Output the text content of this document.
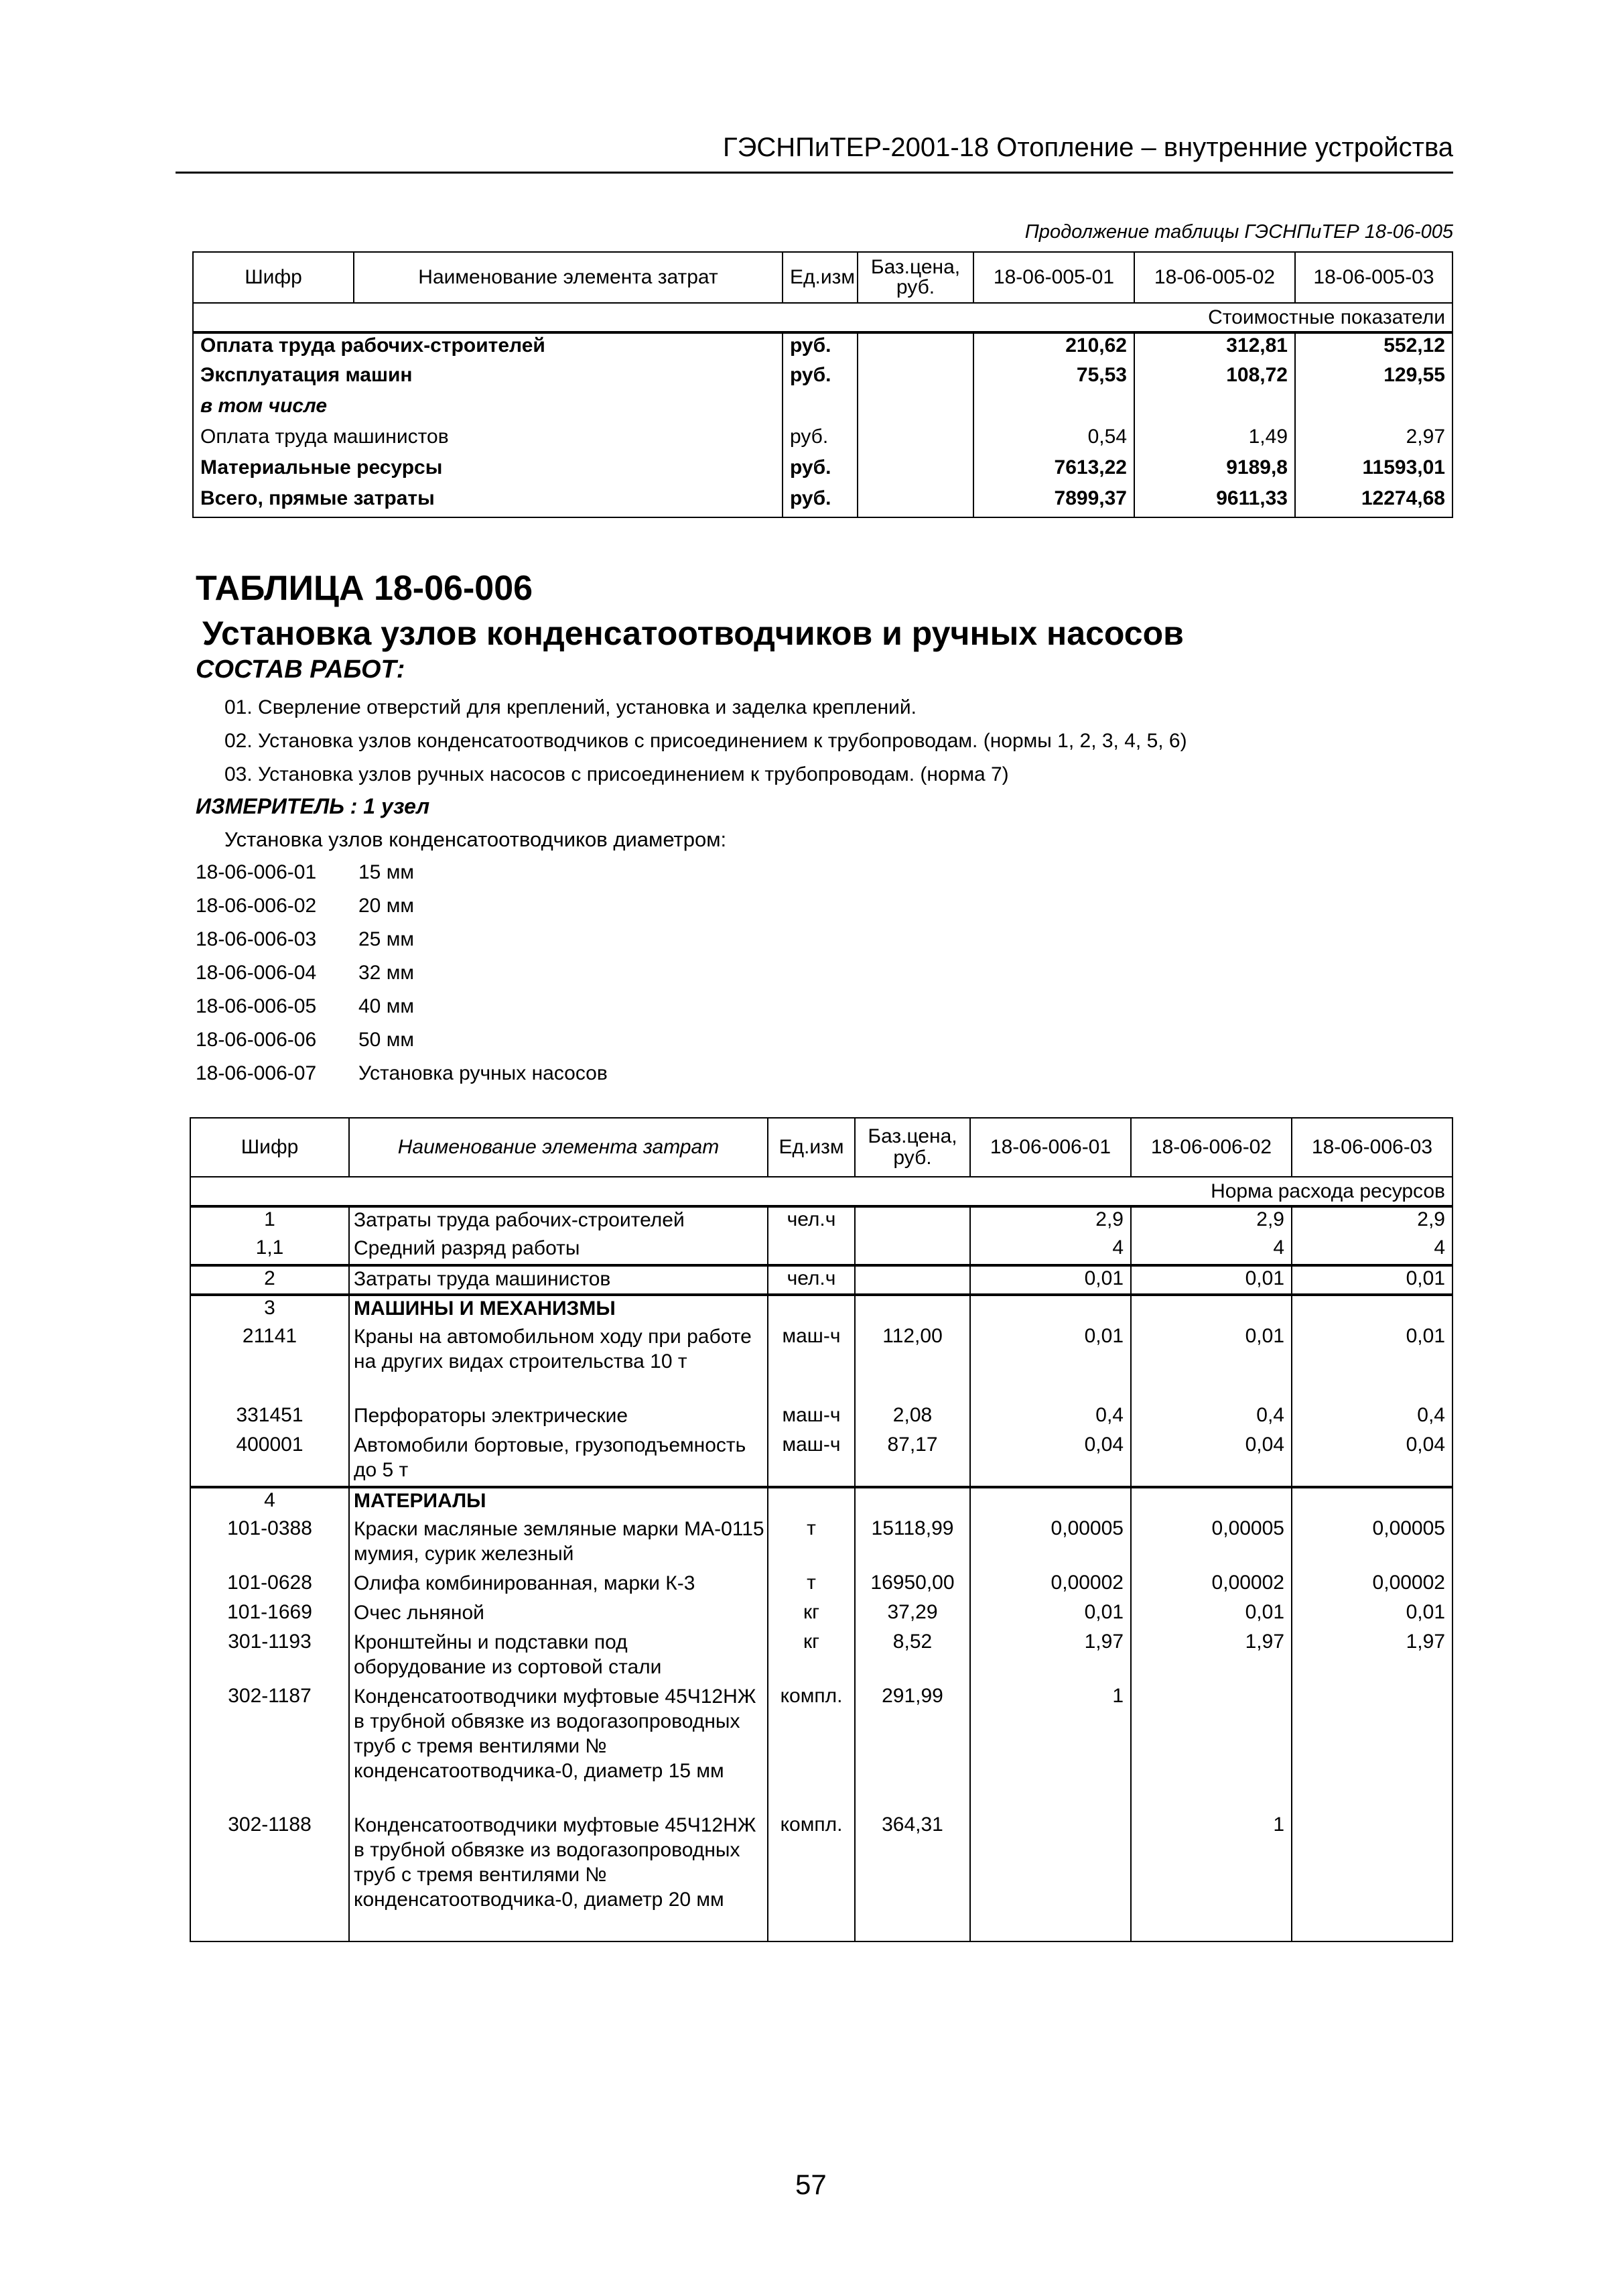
ГЭСНПиТЕР-2001-18 Отопление – внутренние устройства
Продолжение таблицы ГЭСНПиТЕР 18-06-005
Шифр	Наименование элемента затрат	Ед.изм	Баз.цена, руб.	18-06-005-01	18-06-005-02	18-06-005-03
Стоимостные показатели						
Оплата труда рабочих-строителей		руб.		210,62	312,81	552,12
Эксплуатация машин		руб.		75,53	108,72	129,55
в том числе						
Оплата труда машинистов		руб.		0,54	1,49	2,97
Материальные ресурсы		руб.		7613,22	9189,8	11593,01
Всего, прямые затраты		руб.		7899,37	9611,33	12274,68
ТАБЛИЦА 18-06-006
Установка узлов конденсатоотводчиков и ручных насосов
СОСТАВ РАБОТ:
01. Сверление отверстий для креплений, установка и заделка креплений.
02. Установка узлов конденсатоотводчиков с присоединением к трубопроводам. (нормы 1, 2, 3, 4, 5, 6)
03. Установка узлов ручных насосов с присоединением к трубопроводам. (норма 7)
ИЗМЕРИТЕЛЬ : 1 узел
Установка узлов конденсатоотводчиков диаметром:
18-06-006-01 15 мм
18-06-006-02 20 мм
18-06-006-03 25 мм
18-06-006-04 32 мм
18-06-006-05 40 мм
18-06-006-06 50 мм
18-06-006-07 Установка ручных насосов
Шифр	Наименование элемента затрат	Ед.изм	Баз.цена, руб.	18-06-006-01	18-06-006-02	18-06-006-03
Норма расхода ресурсов						
1	Затраты труда рабочих-строителей	чел.ч		2,9	2,9	2,9
1,1	Средний разряд работы			4	4	4
2	Затраты труда машинистов	чел.ч		0,01	0,01	0,01
3	МАШИНЫ И МЕХАНИЗМЫ					
21141	Краны на автомобильном ходу при работе на других видах строительства 10 т	маш-ч	112,00	0,01	0,01	0,01
331451	Перфораторы электрические	маш-ч	2,08	0,4	0,4	0,4
400001	Автомобили бортовые, грузоподъемность до 5 т	маш-ч	87,17	0,04	0,04	0,04
4	МАТЕРИАЛЫ					
101-0388	Краски масляные земляные марки МА-0115 мумия, сурик железный	т	15118,99	0,00005	0,00005	0,00005
101-0628	Олифа комбинированная, марки К-3	т	16950,00	0,00002	0,00002	0,00002
101-1669	Очес льняной	кг	37,29	0,01	0,01	0,01
301-1193	Кронштейны и подставки под оборудование из сортовой стали	кг	8,52	1,97	1,97	1,97
302-1187	Конденсатоотводчики муфтовые 45Ч12НЖ в трубной обвязке из водогазопроводных труб с тремя вентилями № конденсатоотводчика-0, диаметр 15 мм	компл.	291,99	1		
302-1188	Конденсатоотводчики муфтовые 45Ч12НЖ в трубной обвязке из водогазопроводных труб с тремя вентилями № конденсатоотводчика-0, диаметр 20 мм	компл.	364,31		1	
57
